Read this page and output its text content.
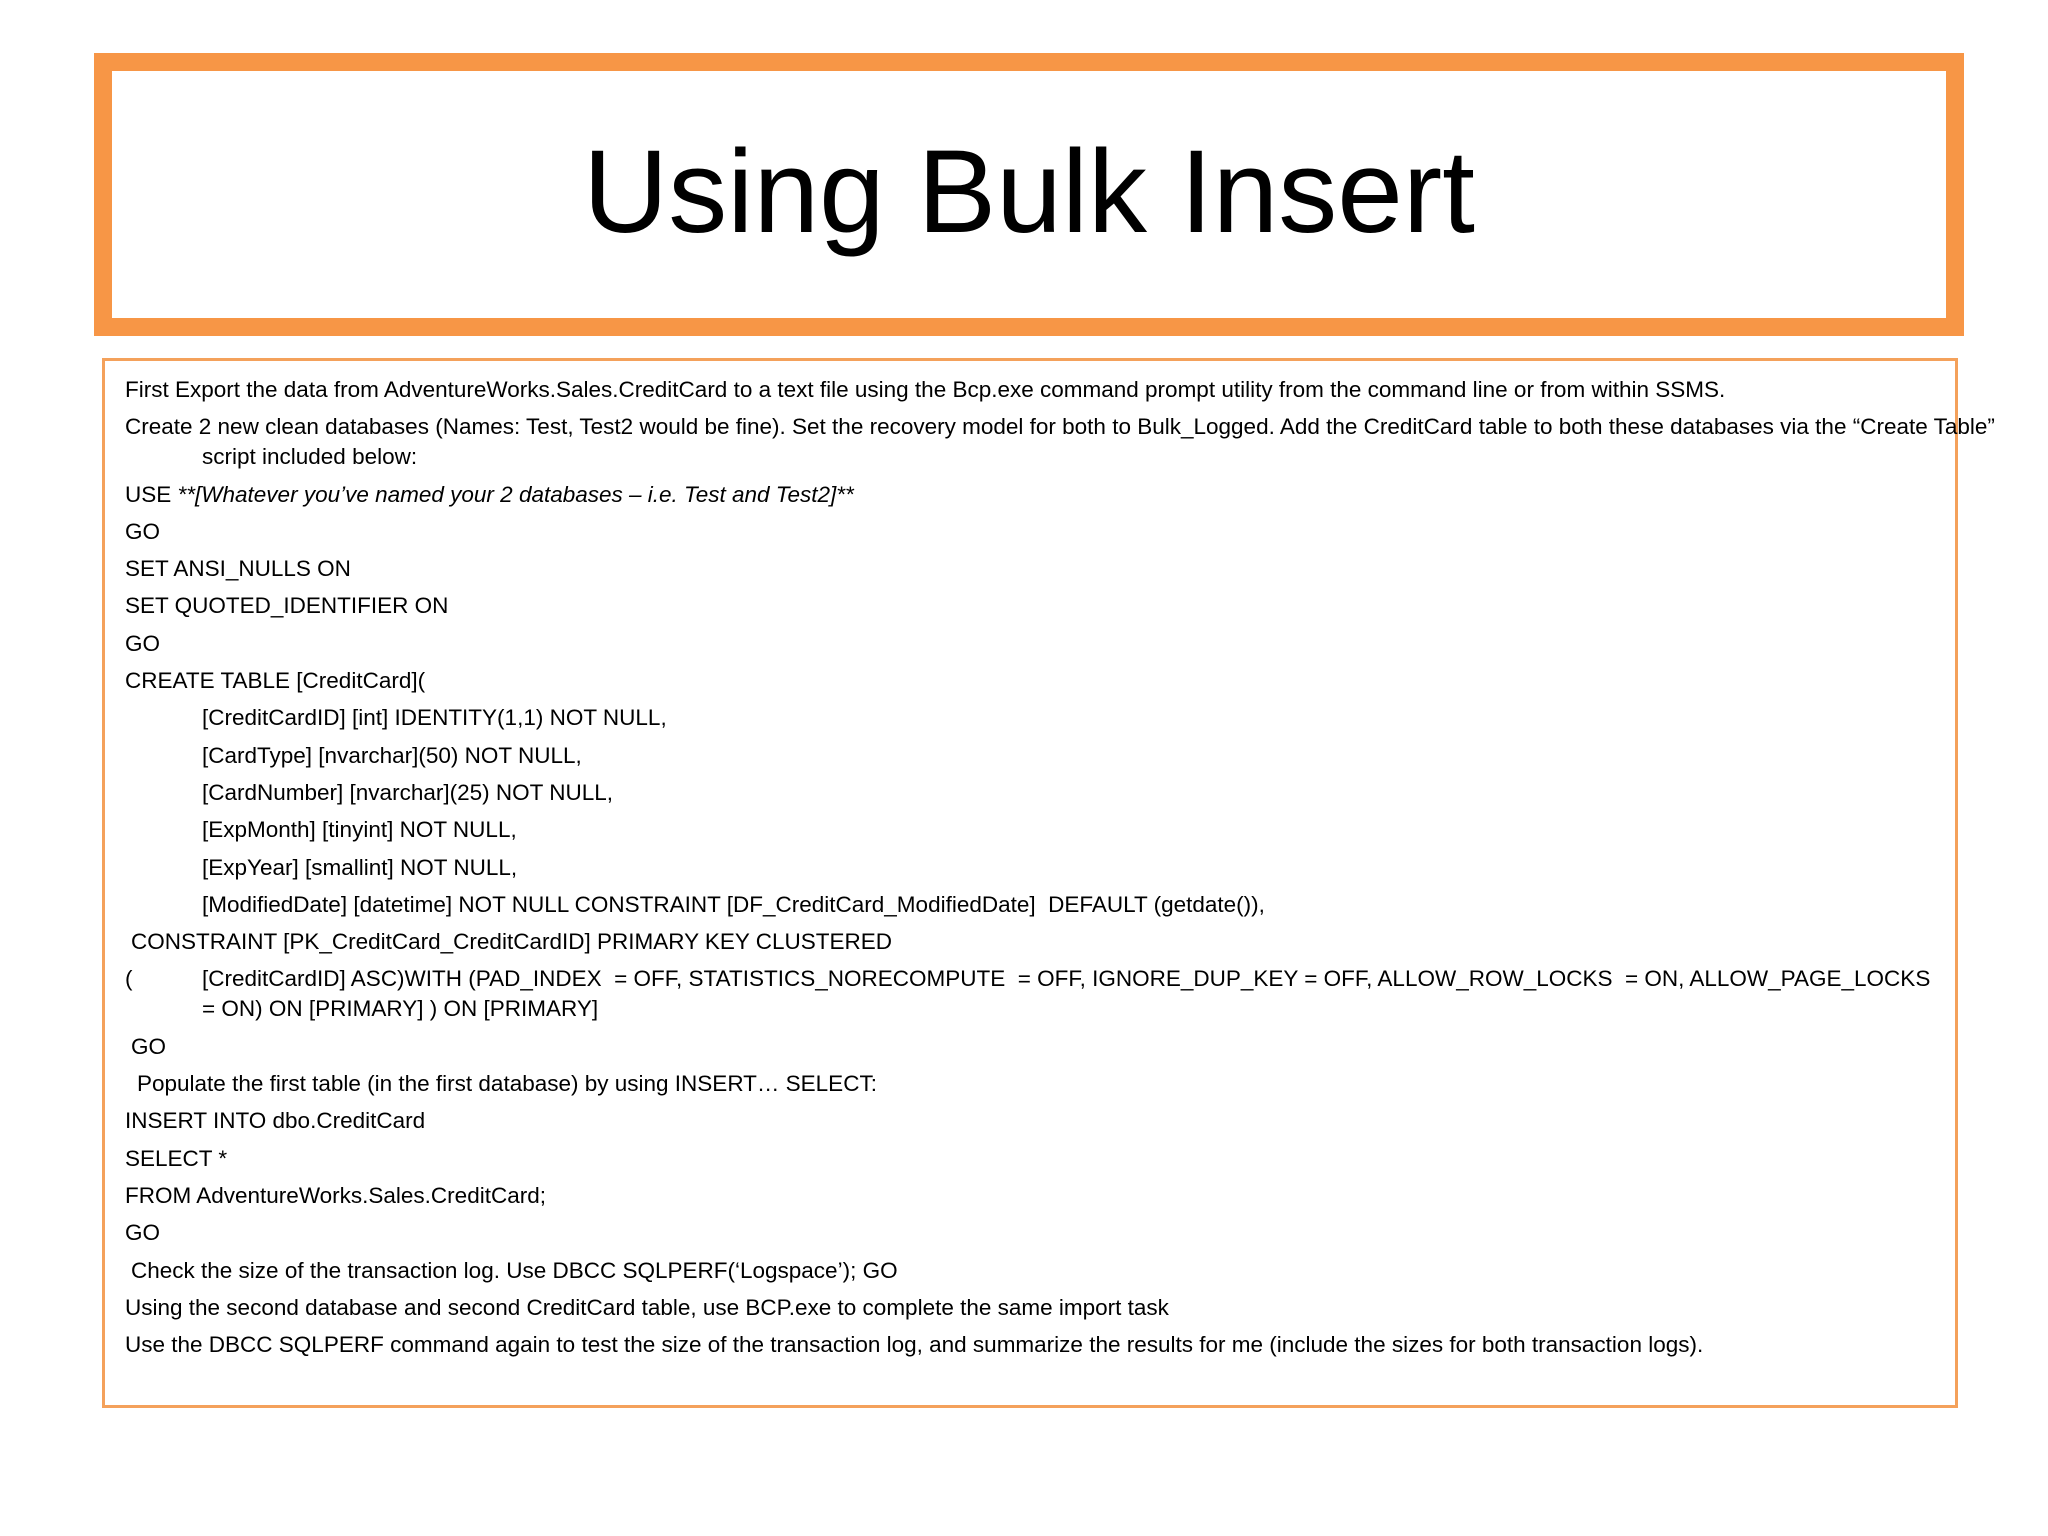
Using Bulk Insert
First Export the data from AdventureWorks.Sales.CreditCard to a text file using the Bcp.exe command prompt utility from the command line or from within SSMS.
Create 2 new clean databases (Names: Test, Test2 would be fine). Set the recovery model for both to Bulk_Logged. Add the CreditCard table to both these databases via the “Create Table” script included below:
USE **[Whatever you’ve named your 2 databases – i.e. Test and Test2]**
GO
SET ANSI_NULLS ON
SET QUOTED_IDENTIFIER ON
GO
CREATE TABLE [CreditCard](
[CreditCardID] [int] IDENTITY(1,1) NOT NULL,
[CardType] [nvarchar](50) NOT NULL,
[CardNumber] [nvarchar](25) NOT NULL,
[ExpMonth] [tinyint] NOT NULL,
[ExpYear] [smallint] NOT NULL,
[ModifiedDate] [datetime] NOT NULL CONSTRAINT [DF_CreditCard_ModifiedDate]  DEFAULT (getdate()),
CONSTRAINT [PK_CreditCard_CreditCardID] PRIMARY KEY CLUSTERED
(	[CreditCardID] ASC)WITH (PAD_INDEX  = OFF, STATISTICS_NORECOMPUTE  = OFF, IGNORE_DUP_KEY = OFF, ALLOW_ROW_LOCKS  = ON, ALLOW_PAGE_LOCKS  = ON) ON [PRIMARY] ) ON [PRIMARY]
GO
Populate the first table (in the first database) by using INSERT… SELECT:
INSERT INTO dbo.CreditCard
SELECT *
FROM AdventureWorks.Sales.CreditCard;
GO
Check the size of the transaction log. Use DBCC SQLPERF(‘Logspace’); GO
Using the second database and second CreditCard table, use BCP.exe to complete the same import task
Use the DBCC SQLPERF command again to test the size of the transaction log, and summarize the results for me (include the sizes for both transaction logs).
